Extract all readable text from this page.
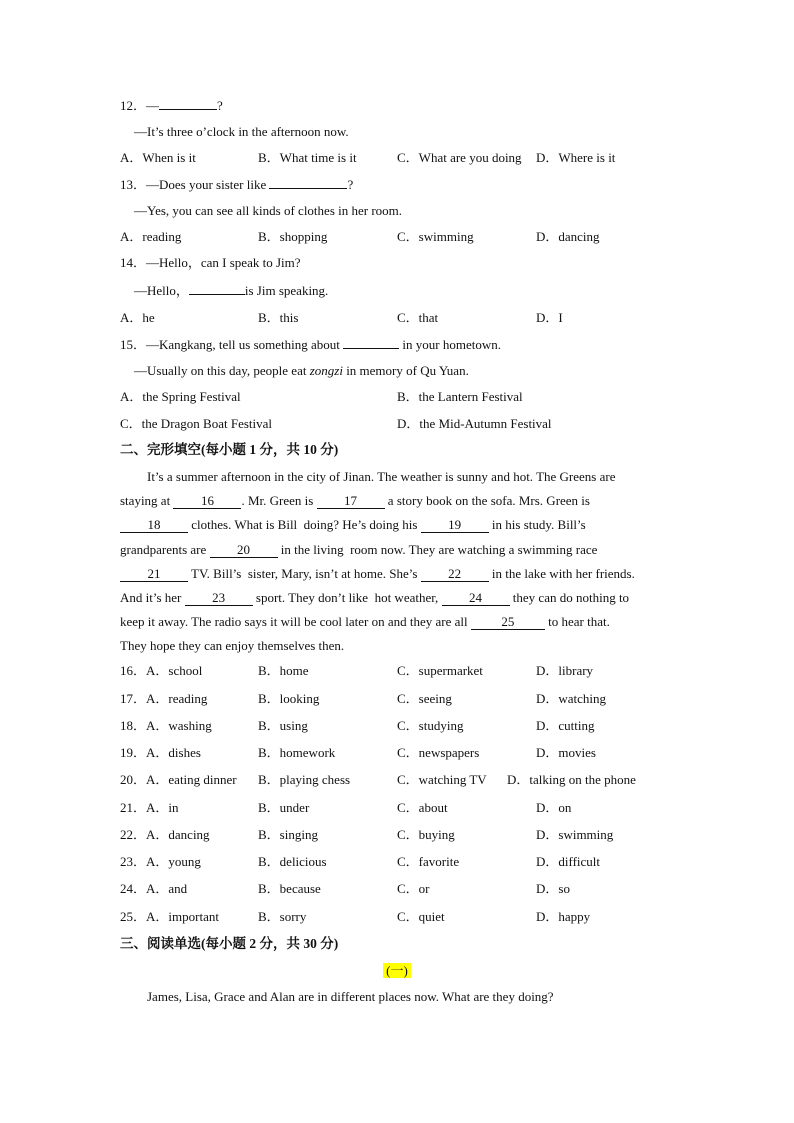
12．—	?
—It’s three o’clock in the afternoon now.
A．When is it	B．What time is it	C．What are you doing D．Where is it
13．—Does your sister like	?
—Yes, you can see all kinds of clothes in her room.
A．reading	B．shopping	C．swimming	D．dancing
14．—Hello，can I speak to Jim?
—Hello，	is Jim speaking.
A．he	B．this	C．that	D．I
15．—Kangkang, tell us something about	in your hometown.
—Usually on this day, people eat zongzi in memory of Qu Yuan.
A．the Spring Festival	B．the Lantern Festival
C．the Dragon Boat Festival	D．the Mid-Autumn Festival
二、完形填空(每小题 1 分，共 10 分)
It’s a summer afternoon in the city of Jinan. The weather is sunny and hot. The Greens are
staying at 16 . Mr. Green is 17 a story book on the sofa. Mrs. Green is
18 clothes. What is Bill  doing? He’s doing his 19 in his study. Bill’s
grandparents are 20 in the living  room now. They are watching a swimming race
21 TV. Bill’s  sister, Mary, isn’t at home. She’s 22 in the lake with her friends.
And it’s her 23 sport. They don’t like  hot weather, 24 they can do nothing to
keep it away. The radio says it will be cool later on and they are all 25 to hear that.
They hope they can enjoy themselves then.
16．A．school	B．home	C．supermarket	D．library
17．A．reading	B．looking	C．seeing	D．watching
18．A．washing	B．using	C．studying	D．cutting
19．A．dishes	B．homework	C．newspapers	D．movies
20．A．eating dinner B．playing chess	C．watching TV D．talking on the phone
21．A．in	B．under	C．about	D．on
22．A．dancing	B．singing	C．buying	D．swimming
23．A．young	B．delicious	C．favorite	D．difficult
24．A．and	B．because	C．or	D．so
25．A．important	B．sorry	C．quiet	D．happy
三、阅读单选(每小题 2 分，共 30 分)
(一)
James, Lisa, Grace and Alan are in different places now. What are they doing?
